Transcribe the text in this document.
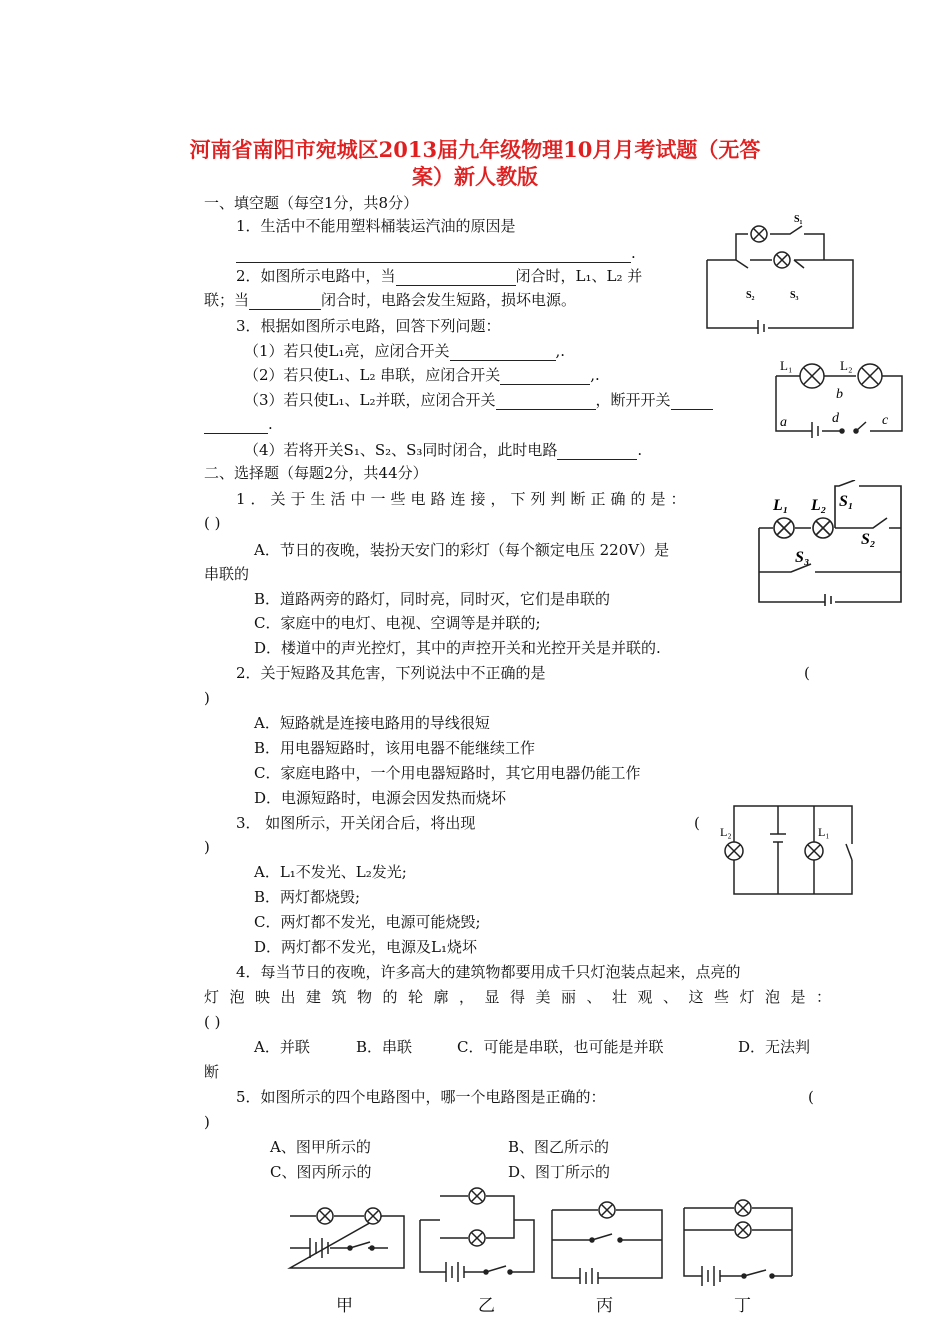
河南省南阳市宛城区2013届九年级物理10月月考试题（无答
案）新人教版
一、填空题（每空1分，共8分）
1．生活中不能用塑料桶装运汽油的原因是
.
2．如图所示电路中，当	闭合时，L₁、L₂ 并
联；当	闭合时，电路会发生短路，损坏电源。
3．根据如图所示电路，回答下列问题：
（1）若只使L₁亮，应闭合开关	,.
（2）若只使L₁、L₂ 串联，应闭合开关	,.
（3）若只使L₁、L₂并联，应闭合开关	，断开开关
.
（4）若将开关S₁、S₂、S₃同时闭合，此时电路	.
二、选择题（每题2分，共44分）
1．关于生活中一些电路连接，下列判断正确的是：
( )
A．节日的夜晚，装扮天安门的彩灯（每个额定电压 220V）是
串联的
B．道路两旁的路灯，同时亮，同时灭，它们是串联的
C．家庭中的电灯、电视、空调等是并联的;
D．楼道中的声光控灯，其中的声控开关和光控开关是并联的.
2．关于短路及其危害，下列说法中不正确的是	(
)
A．短路就是连接电路用的导线很短
B．用电器短路时，该用电器不能继续工作
C．家庭电路中，一个用电器短路时，其它用电器仍能工作
D．电源短路时，电源会因发热而烧坏
3． 如图所示，开关闭合后，将出现	(
)
A．L₁不发光、L₂发光;
B．两灯都烧毁;
C．两灯都不发光，电源可能烧毁;
D．两灯都不发光，电源及L₁烧坏
4．每当节日的夜晚，许多高大的建筑物都要用成千只灯泡装点起来，点亮的
灯泡映出建筑物的轮廓，显得美丽、壮观、这些灯泡是：
( )
A．并联	B．串联	C．可能是串联，也可能是并联	D．无法判
断
5．如图所示的四个电路图中，哪一个电路图是正确的：	(
)
A、图甲所示的	B、图乙所示的
C、图丙所示的	D、图丁所示的
S₁
S₂	S₃
L₁	L₂
a
b
c
d
L₁ L₂ S₁
S₂
S₃
L₂	L₁
甲	乙	丙	丁
